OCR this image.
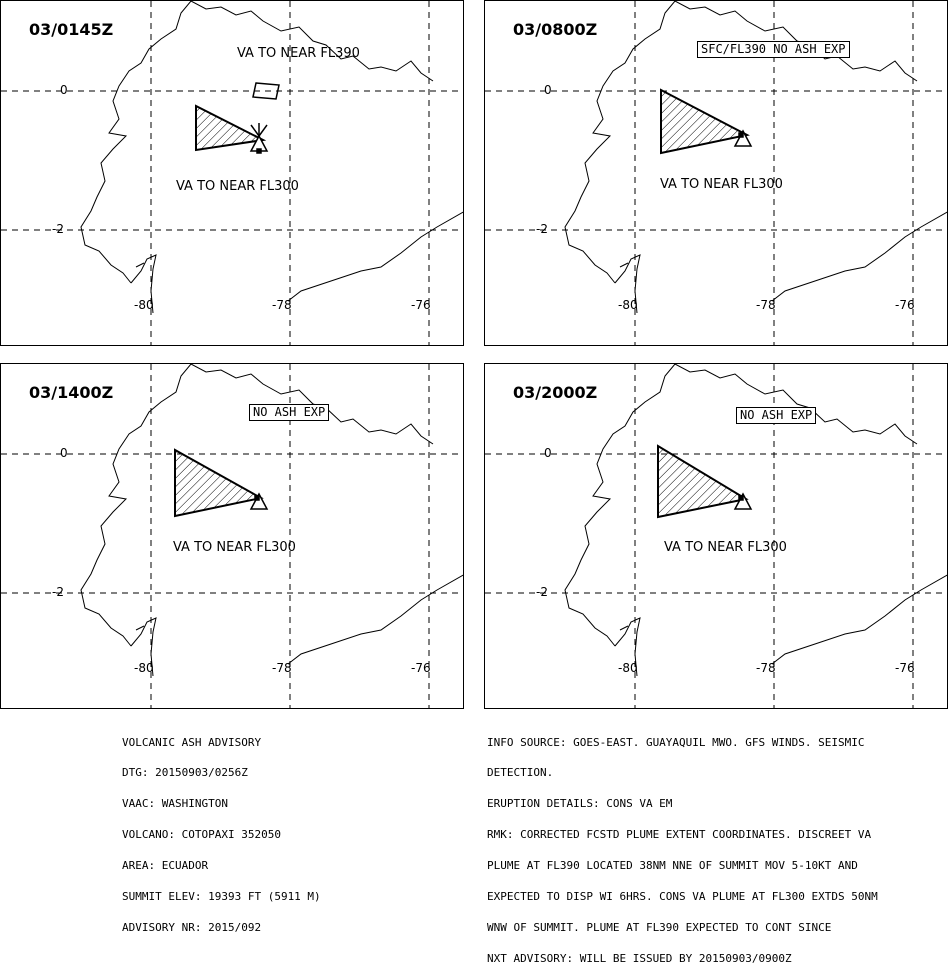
03/0145Z
VA TO NEAR FL390
VA TO NEAR FL300
0
-2
-80	-78	-76
03/0800Z
SFC/FL390 NO ASH EXP
VA TO NEAR FL300
0
-2
-80	-78	-76
03/1400Z
NO ASH EXP
VA TO NEAR FL300
0
-2
-80	-78	-76
03/2000Z
NO ASH EXP
VA TO NEAR FL300
0
-2
-80	-78	-76

VOLCANIC ASH ADVISORY

DTG: 20150903/0256Z

VAAC: WASHINGTON

VOLCANO: COTOPAXI 352050

AREA: ECUADOR

SUMMIT ELEV: 19393 FT (5911 M)

ADVISORY NR: 2015/092

INFO SOURCE: GOES-EAST. GUAYAQUIL MWO. GFS WINDS. SEISMIC

DETECTION.

ERUPTION DETAILS: CONS VA EM

RMK: CORRECTED FCSTD PLUME EXTENT COORDINATES. DISCREET VA

PLUME AT FL390 LOCATED 38NM NNE OF SUMMIT MOV 5-10KT AND

EXPECTED TO DISP WI 6HRS. CONS VA PLUME AT FL300 EXTDS 50NM

WNW OF SUMMIT. PLUME AT FL390 EXPECTED TO CONT SINCE

NXT ADVISORY: WILL BE ISSUED BY 20150903/0900Z
